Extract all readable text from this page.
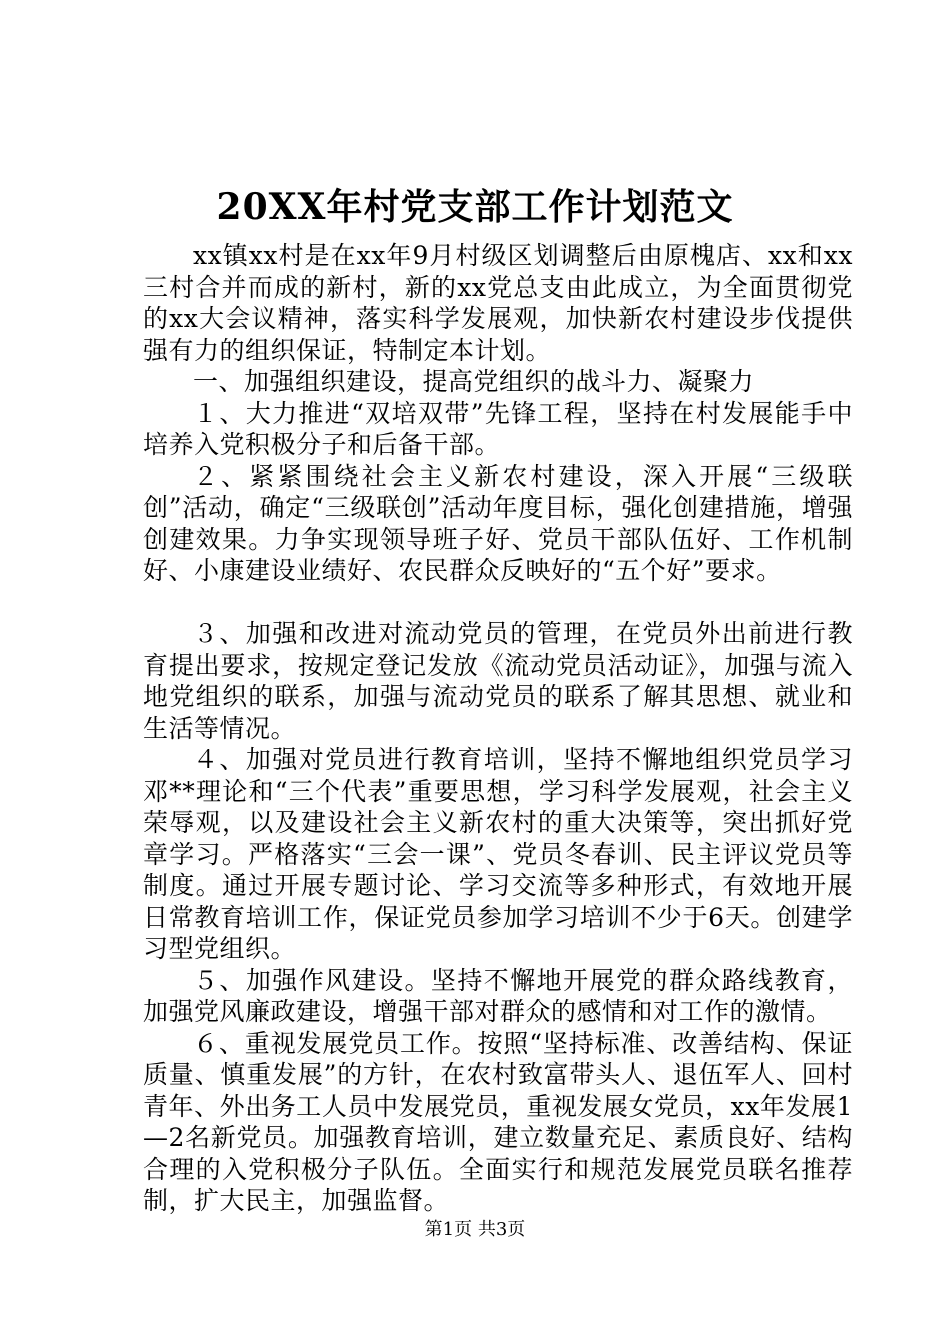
20XX年村党支部工作计划范文

xx镇xx村是在xx年9月村级区划调整后由原槐店、xx和xx三村合并而成的新村，新的xx党总支由此成立，为全面贯彻党的xx大会议精神，落实科学发展观，加快新农村建设步伐提供强有力的组织保证，特制定本计划。

一、加强组织建设，提高党组织的战斗力、凝聚力

１、大力推进“双培双带”先锋工程，坚持在村发展能手中培养入党积极分子和后备干部。

２、紧紧围绕社会主义新农村建设，深入开展“三级联创”活动，确定“三级联创”活动年度目标，强化创建措施，增强创建效果。力争实现领导班子好、党员干部队伍好、工作机制好、小康建设业绩好、农民群众反映好的“五个好”要求。

３、加强和改进对流动党员的管理，在党员外出前进行教育提出要求，按规定登记发放《流动党员活动证》，加强与流入地党组织的联系，加强与流动党员的联系了解其思想、就业和生活等情况。

４、加强对党员进行教育培训，坚持不懈地组织党员学习邓**理论和“三个代表”重要思想，学习科学发展观，社会主义荣辱观，以及建设社会主义新农村的重大决策等，突出抓好党章学习。严格落实“三会一课”、党员冬春训、民主评议党员等制度。通过开展专题讨论、学习交流等多种形式，有效地开展日常教育培训工作，保证党员参加学习培训不少于6天。创建学习型党组织。

５、加强作风建设。坚持不懈地开展党的群众路线教育，加强党风廉政建设，增强干部对群众的感情和对工作的激情。

６、重视发展党员工作。按照“坚持标准、改善结构、保证质量、慎重发展”的方针，在农村致富带头人、退伍军人、回村青年、外出务工人员中发展党员，重视发展女党员，xx年发展1—2名新党员。加强教育培训，建立数量充足、素质良好、结构合理的入党积极分子队伍。全面实行和规范发展党员联名推荐制，扩大民主，加强监督。

第1页 共3页
